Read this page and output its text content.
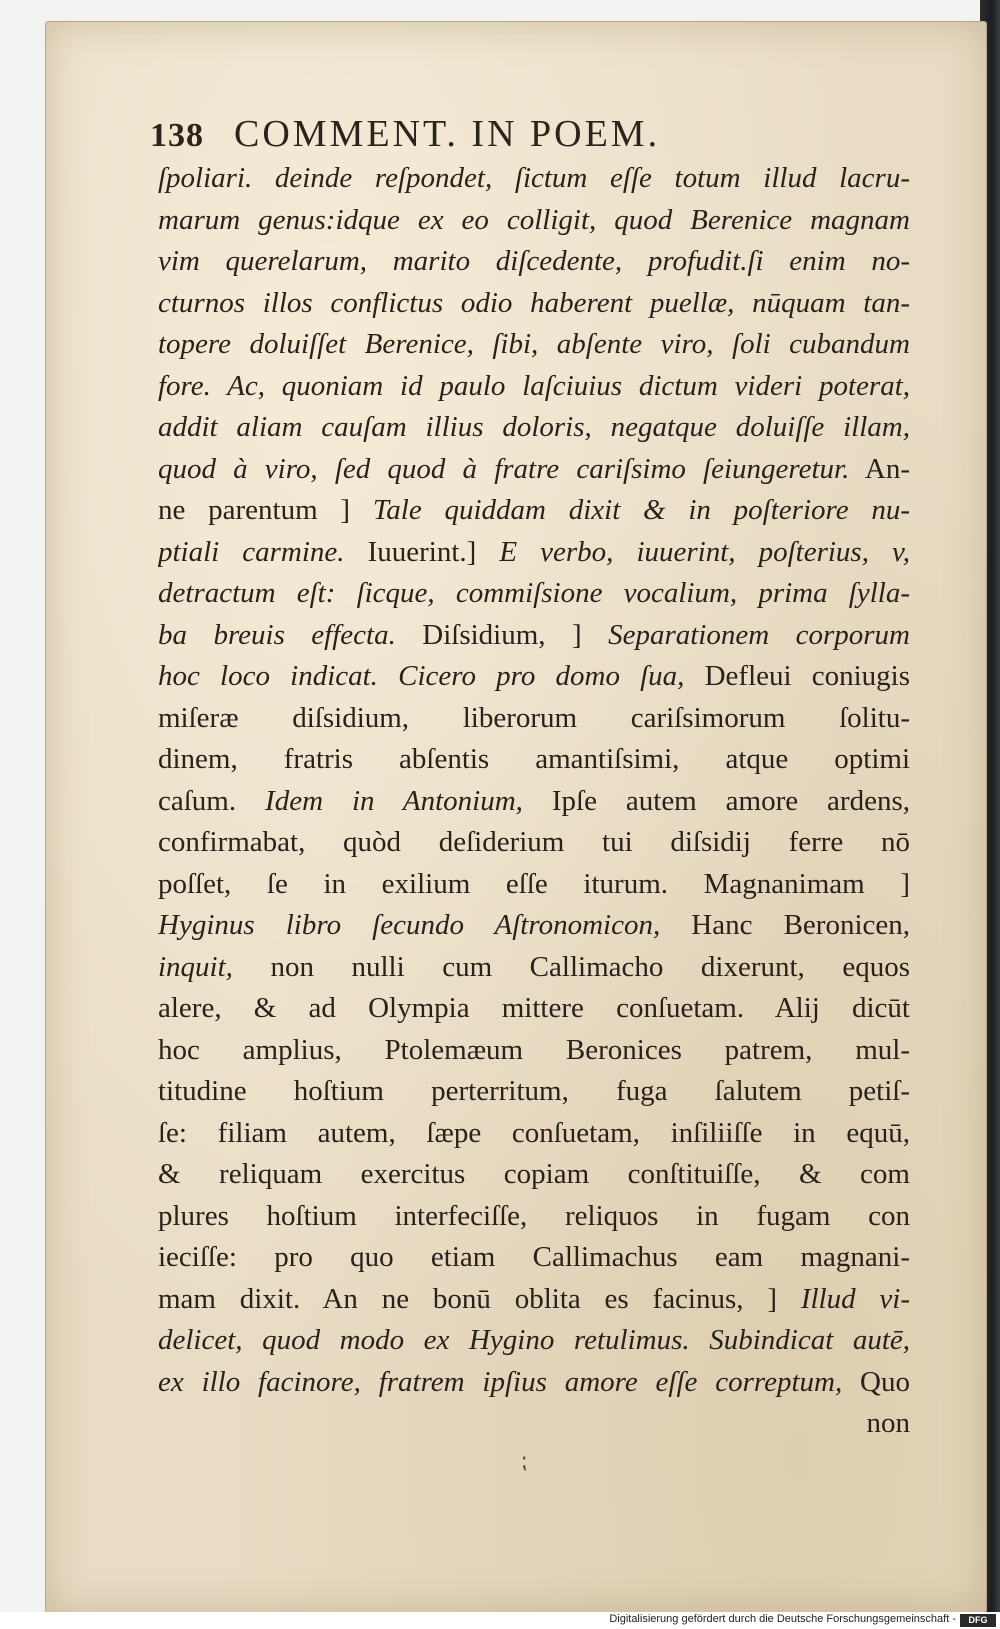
138 COMMENT. IN POEM.
ſpoliari. deinde reſpondet, ſictum eſſe totum illud lacru-
marum genus:idque ex eo colligit, quod Berenice magnam
vim querelarum, marito diſcedente, profudit.ſi enim no-
cturnos illos conflictus odio haberent puellæ, nūquam tan-
topere doluiſſet Berenice, ſibi, abſente viro, ſoli cubandum
fore. Ac, quoniam id paulo laſciuius dictum videri poterat,
addit aliam cauſam illius doloris, negatque doluiſſe illam,
quod à viro, ſed quod à fratre cariſsimo ſeiungeretur. An-
ne parentum ] Tale quiddam dixit & in poſteriore nu-
ptiali carmine. Iuuerint.] E verbo, iuuerint, poſterius, v,
detractum eſt: ſicque, commiſsione vocalium, prima ſylla-
ba breuis effecta. Diſsidium, ] Separationem corporum
hoc loco indicat. Cicero pro domo ſua, Defleui coniugis
miſeræ diſsidium, liberorum cariſsimorum ſolitu-
dinem, fratris abſentis amantiſsimi, atque optimi
caſum. Idem in Antonium, Ipſe autem amore ardens,
confirmabat, quòd deſiderium tui diſsidij ferre nō
poſſet, ſe in exilium eſſe iturum. Magnanimam ]
Hyginus libro ſecundo Aſtronomicon, Hanc Beronicen,
inquit, non nulli cum Callimacho dixerunt, equos
alere, & ad Olympia mittere conſuetam. Alij dicūt
hoc amplius, Ptolemæum Beronices patrem, mul-
titudine hoſtium perterritum, fuga ſalutem petiſ-
ſe: filiam autem, ſæpe conſuetam, inſiliiſſe in equū,
& reliquam exercitus copiam conſtituiſſe, & com
plures hoſtium interfeciſſe, reliquos in fugam con
ieciſſe: pro quo etiam Callimachus eam magnani-
mam dixit. An ne bonū oblita es facinus, ] Illud vi-
delicet, quod modo ex Hygino retulimus. Subindicat autē,
ex illo facinore, fratrem ipſius amore eſſe correptum, Quo
non
⁏
Digitalisierung gefördert durch die Deutsche Forschungsgemeinschaft -	DFG
